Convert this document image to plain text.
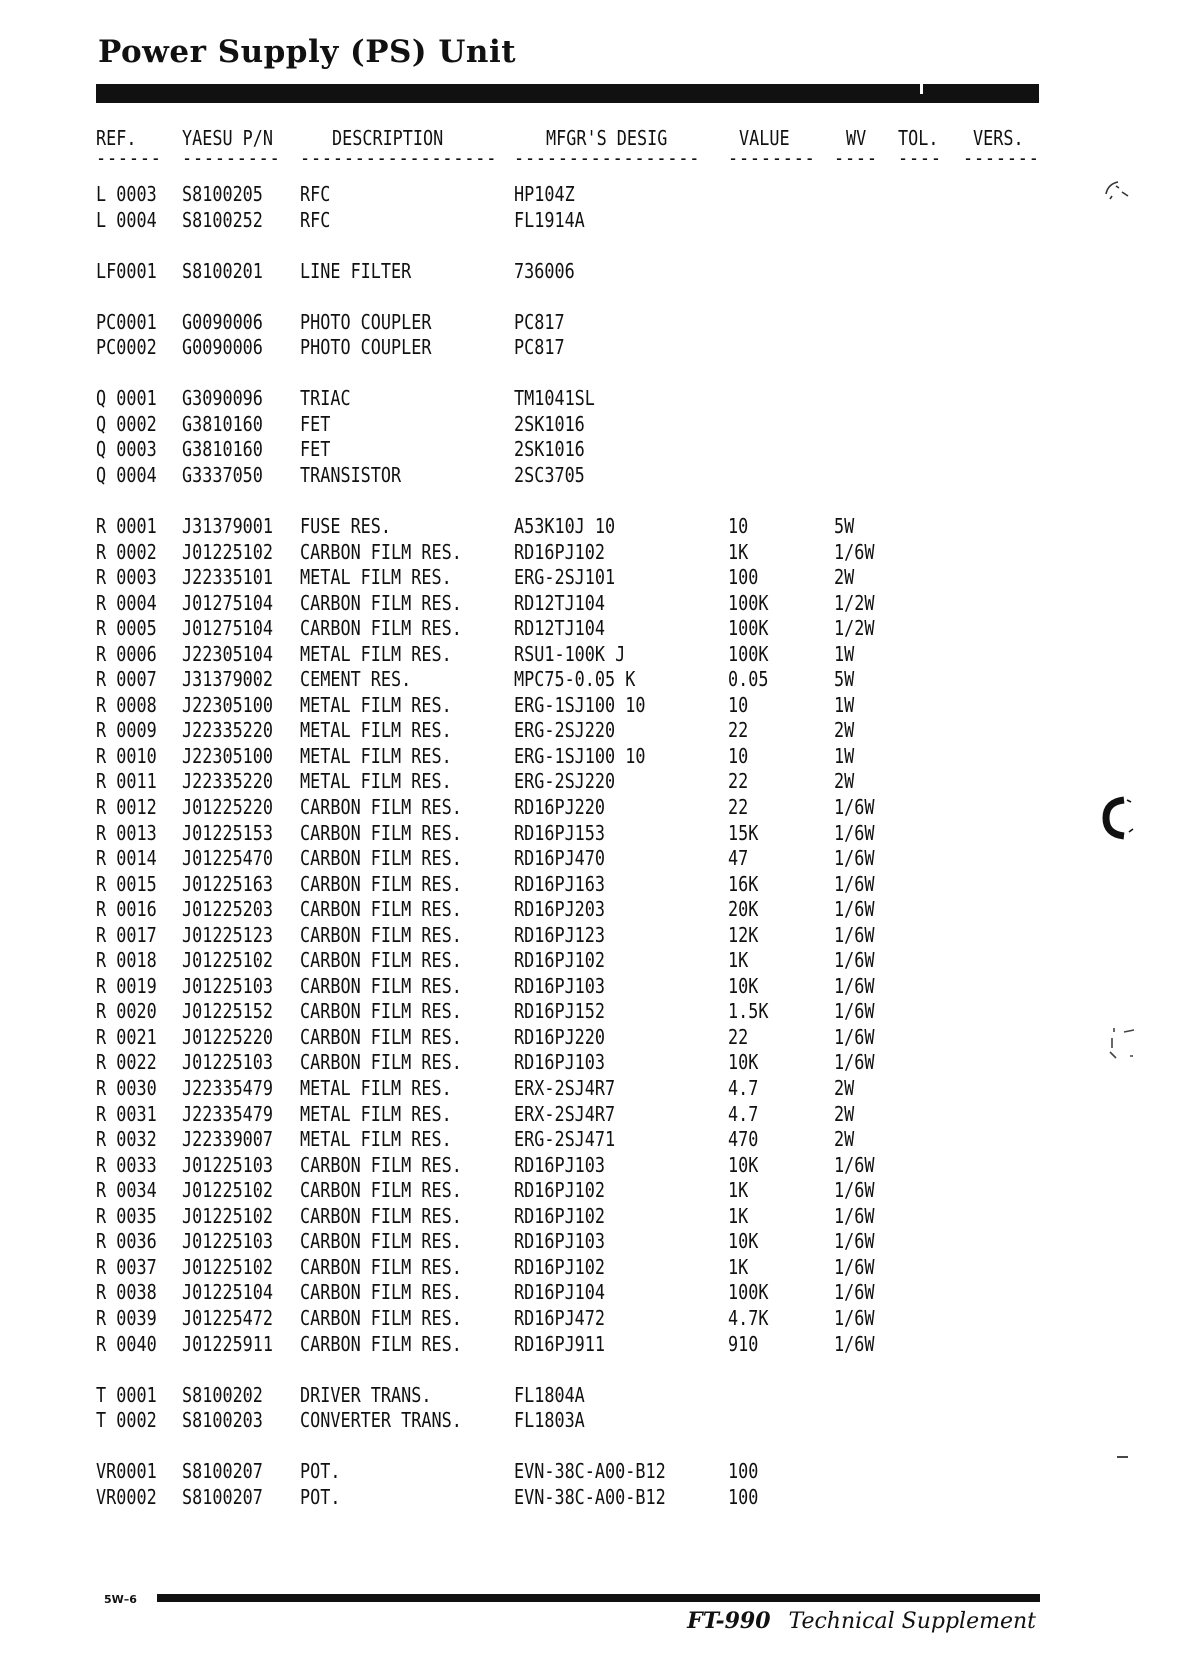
Power Supply (PS) Unit
REF. YAESU P/N	DESCRIPTION	MFGR'S DESIG	VALUE	WV TOL. VERS.
------ --------- ------------------ ----------------- -------- ---- ---- -------
L 0003 S8100205 RFC	HP104Z
L 0004 S8100252 RFC	FL1914A
LF0001 S8100201 LINE FILTER	736006
PC0001 G0090006 PHOTO COUPLER	PC817
PC0002 G0090006 PHOTO COUPLER	PC817
Q 0001 G3090096 TRIAC	TM1041SL
Q 0002 G3810160 FET	2SK1016
Q 0003 G3810160 FET	2SK1016
Q 0004 G3337050 TRANSISTOR	2SC3705
R 0001 J31379001 FUSE RES.	A53K10J 10	10	5W
R 0002 J01225102 CARBON FILM RES.	RD16PJ102	1K	1/6W
R 0003 J22335101 METAL FILM RES.	ERG-2SJ101	100	2W
R 0004 J01275104 CARBON FILM RES.	RD12TJ104	100K	1/2W
R 0005 J01275104 CARBON FILM RES.	RD12TJ104	100K	1/2W
R 0006 J22305104 METAL FILM RES.	RSU1-100K J	100K	1W
R 0007 J31379002 CEMENT RES.	MPC75-0.05 K	0.05	5W
R 0008 J22305100 METAL FILM RES.	ERG-1SJ100 10	10	1W
R 0009 J22335220 METAL FILM RES.	ERG-2SJ220	22	2W
R 0010 J22305100 METAL FILM RES.	ERG-1SJ100 10	10	1W
R 0011 J22335220 METAL FILM RES.	ERG-2SJ220	22	2W
R 0012 J01225220 CARBON FILM RES.	RD16PJ220	22	1/6W
R 0013 J01225153 CARBON FILM RES.	RD16PJ153	15K	1/6W
R 0014 J01225470 CARBON FILM RES.	RD16PJ470	47	1/6W
R 0015 J01225163 CARBON FILM RES.	RD16PJ163	16K	1/6W
R 0016 J01225203 CARBON FILM RES.	RD16PJ203	20K	1/6W
R 0017 J01225123 CARBON FILM RES.	RD16PJ123	12K	1/6W
R 0018 J01225102 CARBON FILM RES.	RD16PJ102	1K	1/6W
R 0019 J01225103 CARBON FILM RES.	RD16PJ103	10K	1/6W
R 0020 J01225152 CARBON FILM RES.	RD16PJ152	1.5K	1/6W
R 0021 J01225220 CARBON FILM RES.	RD16PJ220	22	1/6W
R 0022 J01225103 CARBON FILM RES.	RD16PJ103	10K	1/6W
R 0030 J22335479 METAL FILM RES.	ERX-2SJ4R7	4.7	2W
R 0031 J22335479 METAL FILM RES.	ERX-2SJ4R7	4.7	2W
R 0032 J22339007 METAL FILM RES.	ERG-2SJ471	470	2W
R 0033 J01225103 CARBON FILM RES.	RD16PJ103	10K	1/6W
R 0034 J01225102 CARBON FILM RES.	RD16PJ102	1K	1/6W
R 0035 J01225102 CARBON FILM RES.	RD16PJ102	1K	1/6W
R 0036 J01225103 CARBON FILM RES.	RD16PJ103	10K	1/6W
R 0037 J01225102 CARBON FILM RES.	RD16PJ102	1K	1/6W
R 0038 J01225104 CARBON FILM RES.	RD16PJ104	100K	1/6W
R 0039 J01225472 CARBON FILM RES.	RD16PJ472	4.7K	1/6W
R 0040 J01225911 CARBON FILM RES.	RD16PJ911	910	1/6W
T 0001 S8100202 DRIVER TRANS.	FL1804A
T 0002 S8100203 CONVERTER TRANS.	FL1803A
VR0001 S8100207 POT.	EVN-38C-A00-B12	100
VR0002 S8100207 POT.	EVN-38C-A00-B12	100
5W–6
FT-990 Technical Supplement
